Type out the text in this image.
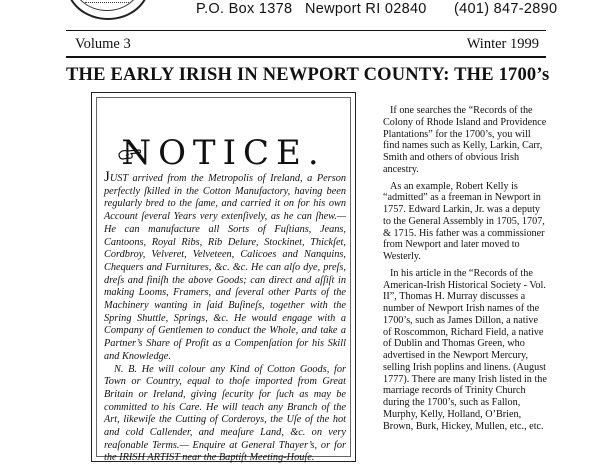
P.O. Box 1378 Newport RI 02840 (401) 847-2890
Volume 3	Winter 1999
THE EARLY IRISH IN NEWPORT COUNTY: THE 1700’s
NOTICE.

JUST arrived from the Metropolis of Ireland, a Person perfectly ſkilled in the Cotton Manufactory, having been regularly bred to the ſame, and carried it on for his own Account ſeveral Years very extenſively, as he can ſhew.—He can manufacture all Sorts of Fuſtians, Jeans, Cantoons, Royal Ribs, Rib Delure, Stockinet, Thickſet, Cordbroy, Velveret, Velveteen, Calicoes and Nanquins, Chequers and Furnitures, &c. &c. He can alſo dye, preſs, dreſs and finiſh the above Goods; can direct and aſſiſt in making Looms, Framers, and ſeveral other Parts of the Machinery wanting in ſaid Buſineſs, together with the Spring Shuttle, Springs, &c. He would engage with a Company of Gentlemen to conduct the Whole, and take a Partner’s Share of Profit as a Compenſation for his Skill and Knowledge.

N. B. He will colour any Kind of Cotton Goods, for Town or Country, equal to thoſe imported from Great Britain or Ireland, giving ſecurity for ſuch as may be committed to his Care. He will teach any Branch of the Art, likewiſe the Cutting of Corderoys, the Uſe of the hot and cold Callender, and meaſure Land, &c. on very reaſonable Terms.— Enquire at General Thayer’s, or for the IRISH ARTIST near the Baptiſt Meeting-Houſe.

If one searches the “Records of the Colony of Rhode Island and Providence Plantations” for the 1700’s, you will find names such as Kelly, Larkin, Carr, Smith and others of obvious Irish ancestry.

As an example, Robert Kelly is “admitted” as a freeman in Newport in 1757. Edward Larkin, Jr. was a deputy to the General Assembly in 1705, 1707, & 1715. His father was a commissioner from Newport and later moved to Westerly.

In his article in the “Records of the American-Irish Historical Society - Vol. II”, Thomas H. Murray discusses a number of Newport Irish names of the 1700’s, such as James Dillon, a native of Roscommon, Richard Field, a native of Dublin and Thomas Green, who advertised in the Newport Mercury, selling Irish poplins and linens. (August 1777). There are many Irish listed in the marriage records of Trinity Church during the 1700’s, such as Fallon, Murphy, Kelly, Holland, O’Brien, Brown, Burk, Hickey, Mullen, etc., etc.
